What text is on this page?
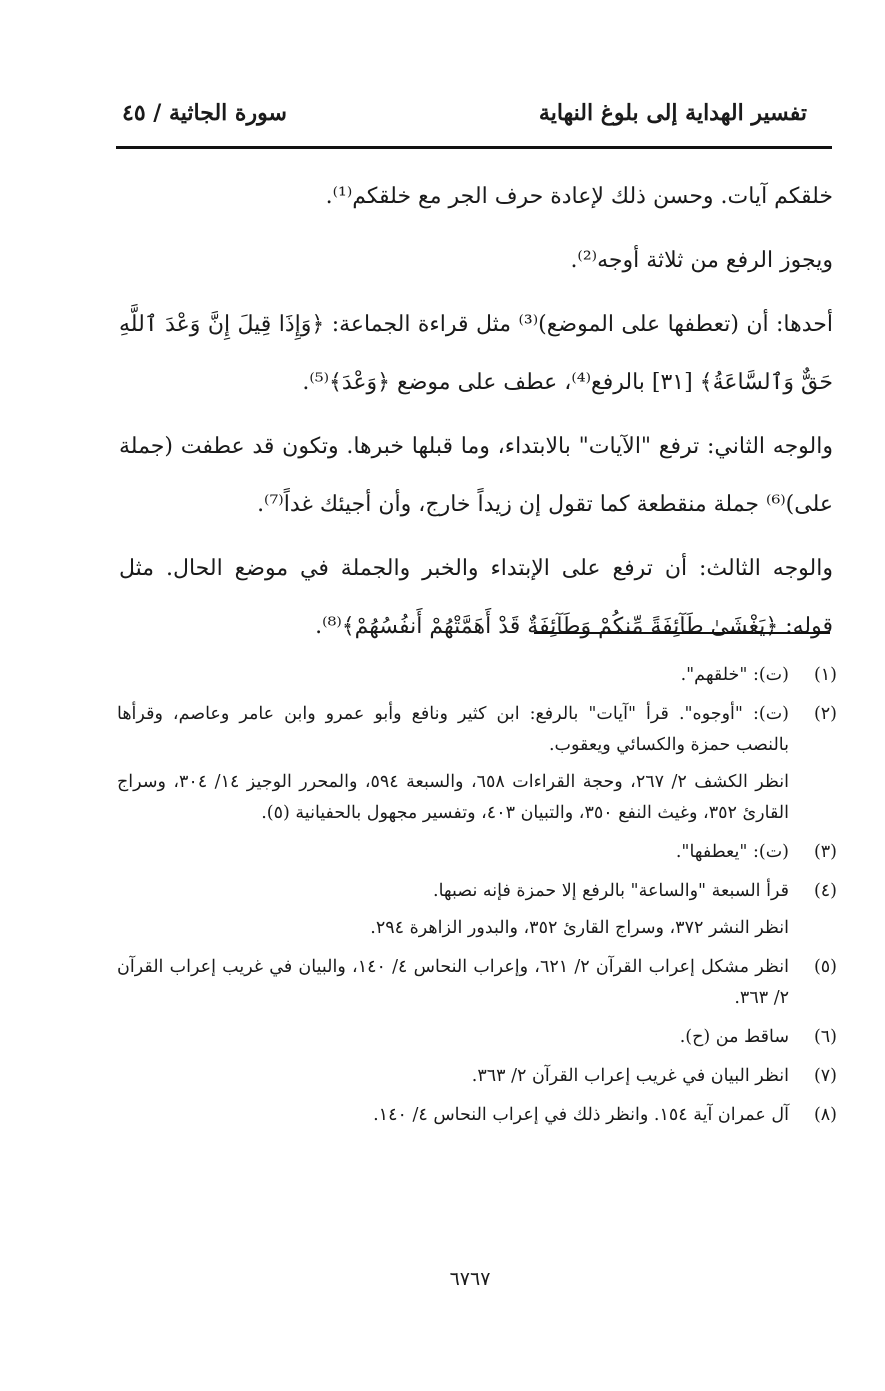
تفسير الهداية إلى بلوغ النهاية
سورة الجاثية / ٤٥

خلقكم آيات. وحسن ذلك لإعادة حرف الجر مع خلقكم⁽¹⁾.

ويجوز الرفع من ثلاثة أوجه⁽²⁾.

أحدها: أن (تعطفها على الموضع)⁽³⁾ مثل قراءة الجماعة: ﴿وَإِذَا قِيلَ إِنَّ وَعْدَ ٱللَّهِ حَقٌّ وَٱلسَّاعَةُ﴾ [٣١] بالرفع⁽⁴⁾، عطف على موضع ﴿وَعْدَ﴾⁽⁵⁾.

والوجه الثاني: ترفع "الآيات" بالابتداء، وما قبلها خبرها. وتكون قد عطفت (جملة على)⁽⁶⁾ جملة منقطعة كما تقول إن زيداً خارج، وأن أجيئك غداً⁽⁷⁾.

والوجه الثالث: أن ترفع على الإبتداء والخبر والجملة في موضع الحال. مثل قوله: ﴿يَغْشَىٰ طَآئِفَةً مِّنكُمْ وَطَآئِفَةٌ قَدْ أَهَمَّتْهُمْ أَنفُسُهُمْ﴾⁽⁸⁾.

(١)

(ت): "خلقهم".

(٢)

(ت): "أوجوه". قرأ "آيات" بالرفع: ابن كثير ونافع وأبو عمرو وابن عامر وعاصم، وقرأها بالنصب حمزة والكسائي ويعقوب.

انظر الكشف ٢/ ٢٦٧، وحجة القراءات ٦٥٨، والسبعة ٥٩٤، والمحرر الوجيز ١٤/ ٣٠٤، وسراج القارئ ٣٥٢، وغيث النفع ٣٥٠، والتبيان ٤٠٣، وتفسير مجهول بالحفيانية (٥).

(٣)

(ت): "يعطفها".

(٤)

قرأ السبعة "والساعة" بالرفع إلا حمزة فإنه نصبها.

انظر النشر ٣٧٢، وسراج القارئ ٣٥٢، والبدور الزاهرة ٢٩٤.

(٥)

انظر مشكل إعراب القرآن ٢/ ٦٢١، وإعراب النحاس ٤/ ١٤٠، والبيان في غريب إعراب القرآن ٢/ ٣٦٣.

(٦)

ساقط من (ح).

(٧)

انظر البيان في غريب إعراب القرآن ٢/ ٣٦٣.

(٨)

آل عمران آية ١٥٤. وانظر ذلك في إعراب النحاس ٤/ ١٤٠.

٦٧٦٧
